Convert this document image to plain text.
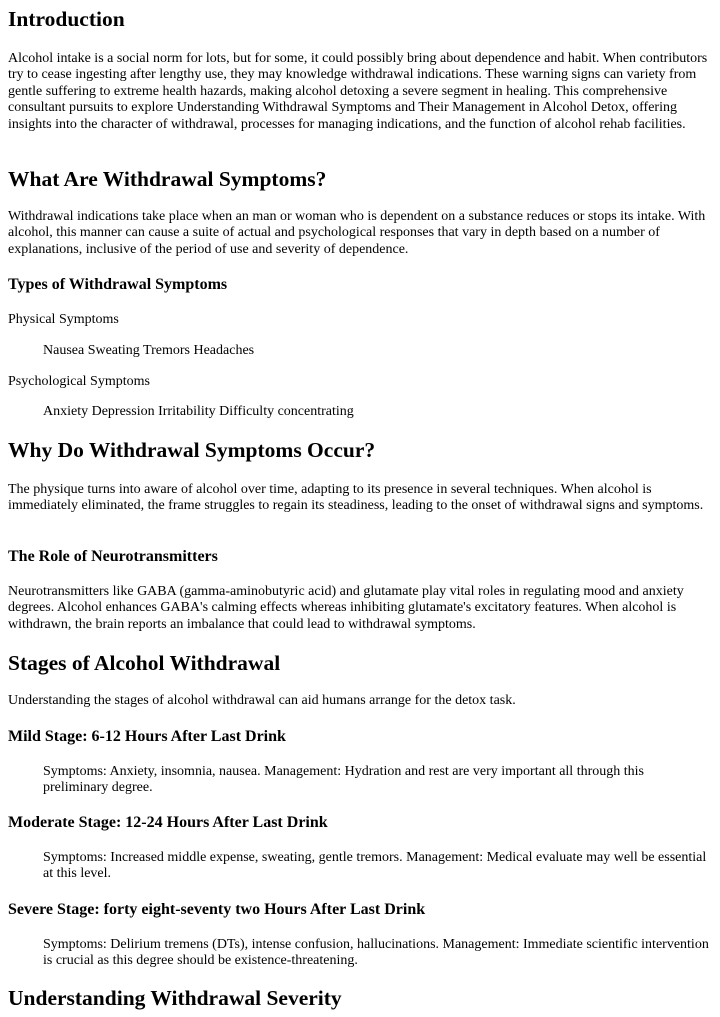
Introduction

Alcohol intake is a social norm for lots, but for some, it could possibly bring about dependence and habit. When contributors try to cease ingesting after lengthy use, they may knowledge withdrawal indications. These warning signs can variety from gentle suffering to extreme health hazards, making alcohol detoxing a severe segment in healing. This comprehensive consultant pursuits to explore Understanding Withdrawal Symptoms and Their Management in Alcohol Detox, offering insights into the character of withdrawal, processes for managing indications, and the function of alcohol rehab facilities.

What Are Withdrawal Symptoms?

Withdrawal indications take place when an man or woman who is dependent on a substance reduces or stops its intake. With alcohol, this manner can cause a suite of actual and psychological responses that vary in depth based on a number of explanations, inclusive of the period of use and severity of dependence.

Types of Withdrawal Symptoms

Physical Symptoms

Nausea Sweating Tremors Headaches

Psychological Symptoms

Anxiety Depression Irritability Difficulty concentrating

Why Do Withdrawal Symptoms Occur?

The physique turns into aware of alcohol over time, adapting to its presence in several techniques. When alcohol is immediately eliminated, the frame struggles to regain its steadiness, leading to the onset of withdrawal signs and symptoms.

The Role of Neurotransmitters

Neurotransmitters like GABA (gamma-aminobutyric acid) and glutamate play vital roles in regulating mood and anxiety degrees. Alcohol enhances GABA's calming effects whereas inhibiting glutamate's excitatory features. When alcohol is withdrawn, the brain reports an imbalance that could lead to withdrawal symptoms.

Stages of Alcohol Withdrawal

Understanding the stages of alcohol withdrawal can aid humans arrange for the detox task.

Mild Stage: 6-12 Hours After Last Drink

Symptoms: Anxiety, insomnia, nausea. Management: Hydration and rest are very important all through this preliminary degree.

Moderate Stage: 12-24 Hours After Last Drink

Symptoms: Increased middle expense, sweating, gentle tremors. Management: Medical evaluate may well be essential at this level.

Severe Stage: forty eight-seventy two Hours After Last Drink

Symptoms: Delirium tremens (DTs), intense confusion, hallucinations. Management: Immediate scientific intervention is crucial as this degree should be existence-threatening.

Understanding Withdrawal Severity
